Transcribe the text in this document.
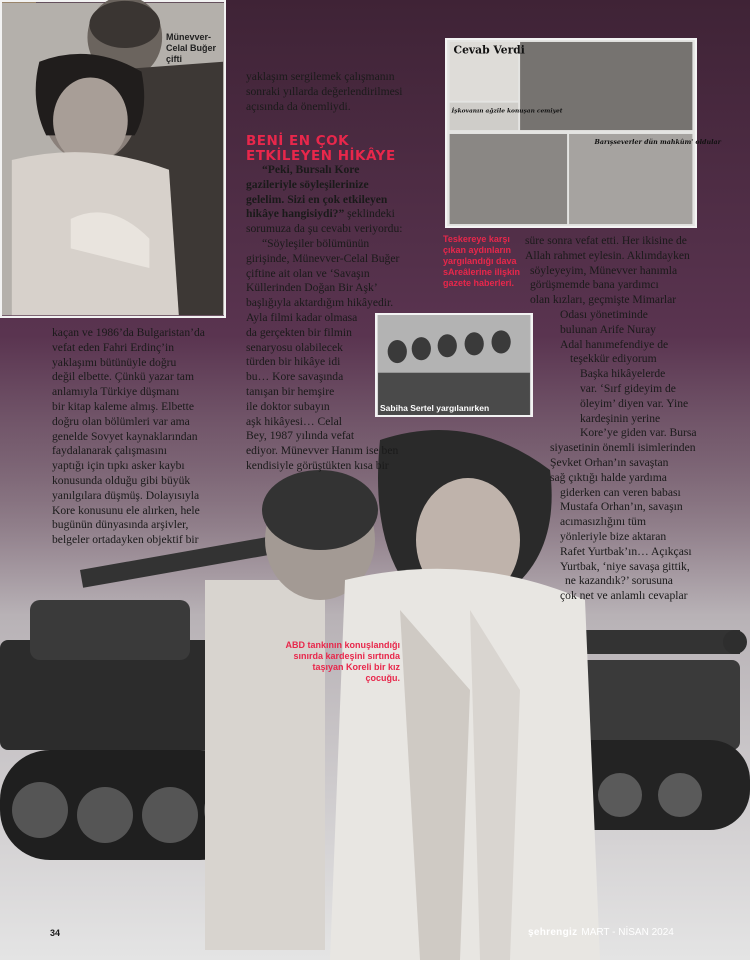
Münevver-Celal Buğer çifti
Cevab Verdi
İşkovanın ağzile konuşan cemiyet
Barışseverler dün mahkûm' oldular
Teskereye karşı çıkan aydınların yargılandığı dava sAreâlerine ilişkin gazete haberleri.
Sabiha Sertel yargılanırken
yaklaşım sergilemek çalışmanın
sonraki yıllarda değerlendirilmesi
açısında da önemliydi.
BENİ EN ÇOK
ETKİLEYEN HİKÂYE
“Peki, Bursalı Kore
gazileriyle söyleşilerinize
gelelim. Sizi en çok etkileyen
hikâye hangisiydi?” şeklindeki
sorumuza da şu cevabı veriyordu:
“Söyleşiler bölümünün
girişinde, Münevver-Celal Buğer
çiftine ait olan ve ‘Savaşın
Küllerinden Doğan Bir Aşk’
başlığıyla aktardığım hikâyedir.
Ayla filmi kadar olmasa
da gerçekten bir filmin
senaryosu olabilecek
türden bir hikâye idi
bu… Kore savaşında
tanışan bir hemşire
ile doktor subayın
aşk hikâyesi… Celal
Bey, 1987 yılında vefat
ediyor. Münevver Hanım ise ben
kendisiyle görüştükten kısa bir
kaçan ve 1986’da Bulgaristan’da
vefat eden Fahri Erdinç’in
yaklaşımı bütünüyle doğru
değil elbette. Çünkü yazar tam
anlamıyla Türkiye düşmanı
bir kitap kaleme almış. Elbette
doğru olan bölümleri var ama
genelde Sovyet kaynaklarından
faydalanarak çalışmasını
yaptığı için tıpkı asker kaybı
konusunda olduğu gibi büyük
yanılgılara düşmüş. Dolayısıyla
Kore konusunu ele alırken, hele
bugünün dünyasında arşivler,
belgeler ortadayken objektif bir
süre sonra vefat etti. Her ikisine de
Allah rahmet eylesin. Aklımdayken
söyleyeyim, Münevver hanımla
görüşmemde bana yardımcı
olan kızları, geçmişte Mimarlar
Odası yönetiminde
bulunan Arife Nuray
Adal hanımefendiye de
teşekkür ediyorum
Başka hikâyelerde
var. ‘Sırf gideyim de
öleyim’ diyen var. Yine
kardeşinin yerine
Kore’ye giden var. Bursa
siyasetinin önemli isimlerinden
Şevket Orhan’ın savaştan
sağ çıktığı halde yardıma
giderken can veren babası
Mustafa Orhan’ın, savaşın
acımasızlığını tüm
yönleriyle bize aktaran
Rafet Yurtbak’ın… Açıkçası
Yurtbak, ‘niye savaşa gittik,
ne kazandık?’ sorusuna
çok net ve anlamlı cevaplar
ABD tankının konuşlandığı sınırda kardeşini sırtında taşıyan Koreli bir kız çocuğu.
34	şehrengiz MART - NİSAN 2024
